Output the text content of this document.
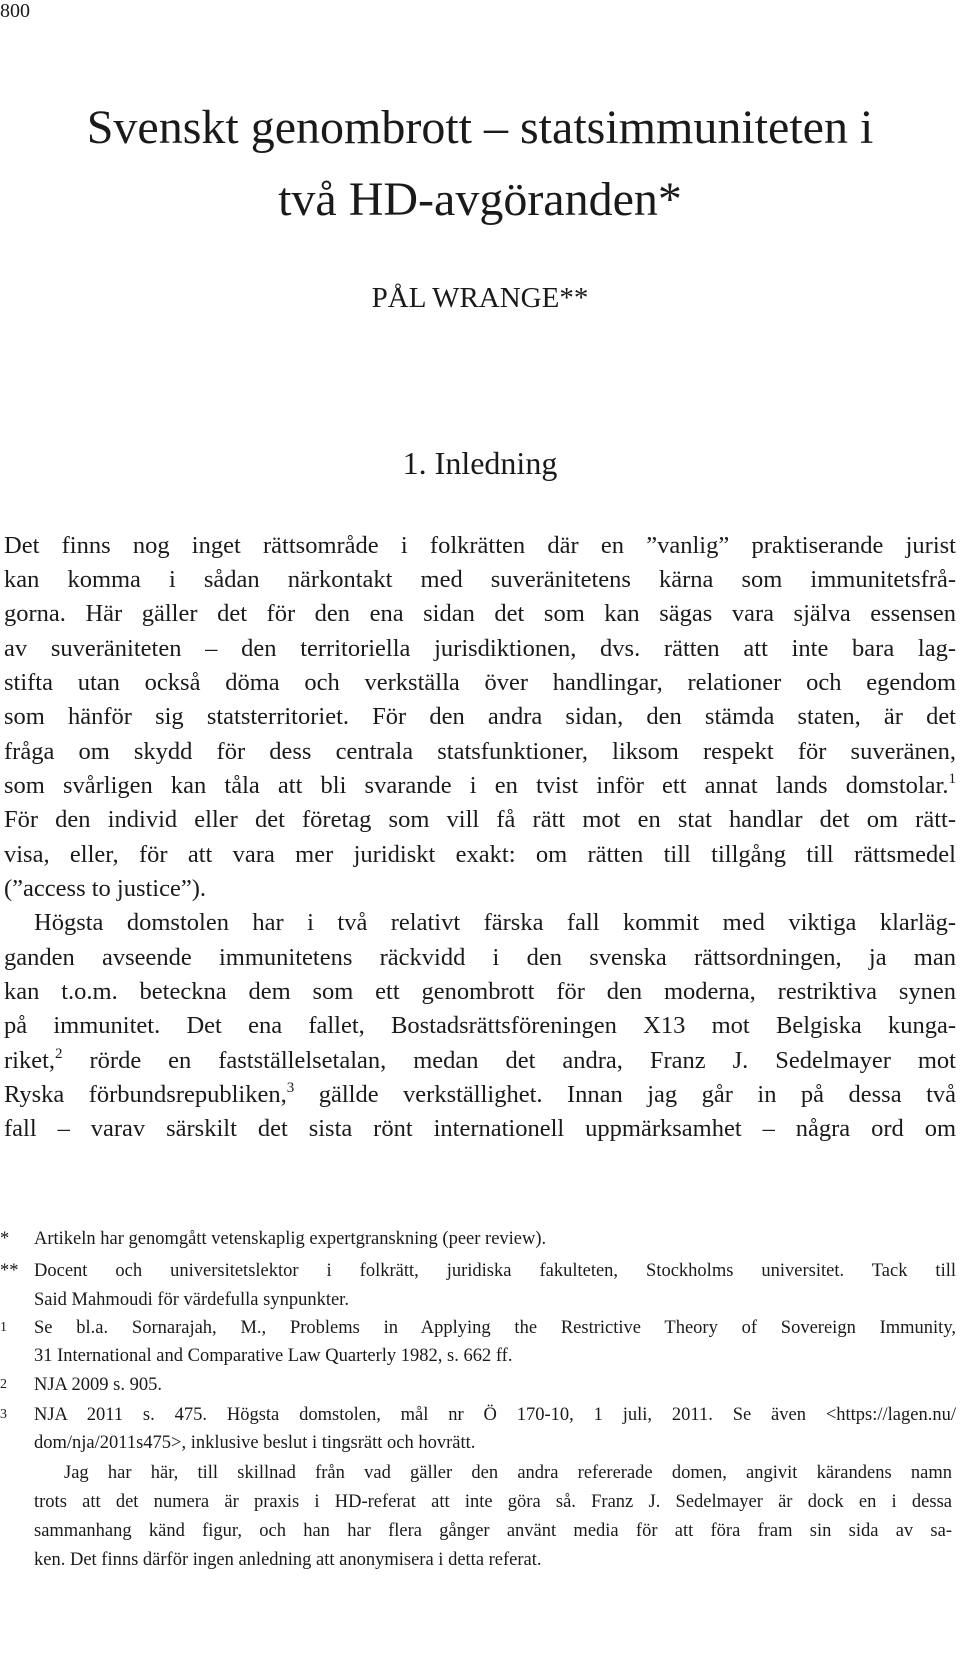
800
Svenskt genombrott – statsimmuniteten i
två HD-avgöranden*
PÅL WRANGE**
1. Inledning

Det finns nog inget rättsområde i folkrätten där en ”vanlig” praktiserande jurist

kan komma i sådan närkontakt med suveränitetens kärna som immunitetsfrå-

gorna. Här gäller det för den ena sidan det som kan sägas vara själva essensen

av suveräniteten – den territoriella jurisdiktionen, dvs. rätten att inte bara lag-

stifta utan också döma och verkställa över handlingar, relationer och egendom

som hänför sig statsterritoriet. För den andra sidan, den stämda staten, är det

fråga om skydd för dess centrala statsfunktioner, liksom respekt för suveränen,

som svårligen kan tåla att bli svarande i en tvist inför ett annat lands domstolar.$^1$

För den individ eller det företag som vill få rätt mot en stat handlar det om rätt-

visa, eller, för att vara mer juridiskt exakt: om rätten till tillgång till rättsmedel

(”access to justice”).

Högsta domstolen har i två relativt färska fall kommit med viktiga klarläg-

ganden avseende immunitetens räckvidd i den svenska rättsordningen, ja man

kan t.o.m. beteckna dem som ett genombrott för den moderna, restriktiva synen

på immunitet. Det ena fallet, Bostadsrättsföreningen X13 mot Belgiska kunga-

riket,$^2$ rörde en fastställelsetalan, medan det andra, Franz J. Sedelmayer mot

Ryska förbundsrepubliken,$^3$ gällde verkställighet. Innan jag går in på dessa två

fall – varav särskilt det sista rönt internationell uppmärksamhet – några ord om

* Artikeln har genomgått vetenskaplig expertgranskning (peer review).
** Docent och universitetslektor i folkrätt, juridiska fakulteten, Stockholms universitet. Tack till
Said Mahmoudi för värdefulla synpunkter.
1 Se bl.a. Sornarajah, M., Problems in Applying the Restrictive Theory of Sovereign Immunity,
31 International and Comparative Law Quarterly 1982, s. 662 ff.
2 NJA 2009 s. 905.
3 NJA 2011 s. 475. Högsta domstolen, mål nr Ö 170-10, 1 juli, 2011. Se även <https://lagen.nu/
dom/nja/2011s475>, inklusive beslut i tingsrätt och hovrätt.

Jag har här, till skillnad från vad gäller den andra refererade domen, angivit kärandens namn

trots att det numera är praxis i HD-referat att inte göra så. Franz J. Sedelmayer är dock en i dessa

sammanhang känd figur, och han har flera gånger använt media för att föra fram sin sida av sa-

ken. Det finns därför ingen anledning att anonymisera i detta referat.
